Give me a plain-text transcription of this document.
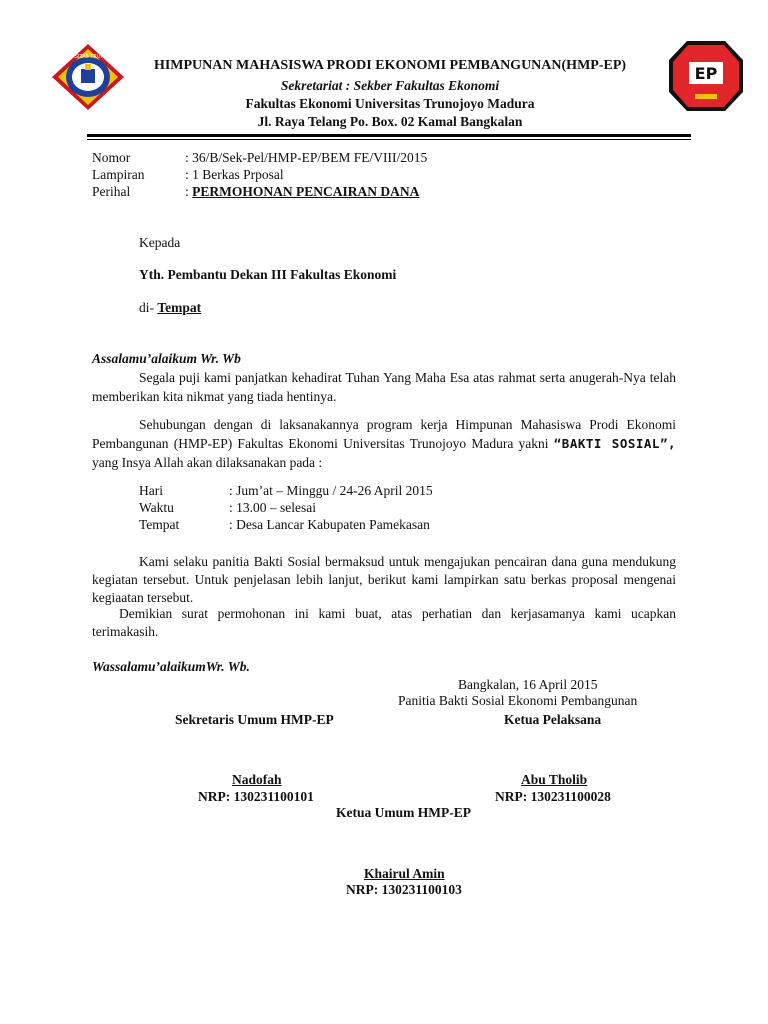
UNIVERSITAS TRUNOJOYO
EP
HIMPUNAN MAHASISWA PRODI EKONOMI PEMBANGUNAN(HMP-EP)
Sekretariat : Sekber Fakultas Ekonomi
Fakultas Ekonomi Universitas Trunojoyo Madura
Jl. Raya Telang Po. Box. 02 Kamal Bangkalan
Nomor	: 36/B/Sek-Pel/HMP-EP/BEM FE/VIII/2015
Lampiran	: 1 Berkas Prposal
Perihal	: PERMOHONAN PENCAIRAN DANA
Kepada
Yth. Pembantu Dekan III Fakultas Ekonomi
di- Tempat
Assalamu’alaikum Wr. Wb
Segala puji kami panjatkan kehadirat Tuhan Yang Maha Esa atas rahmat serta anugerah-Nya telah memberikan kita nikmat yang tiada hentinya.
Sehubungan dengan di laksanakannya program kerja Himpunan Mahasiswa Prodi Ekonomi Pembangunan (HMP-EP) Fakultas Ekonomi Universitas Trunojoyo Madura yakni “BAKTI SOSIAL”, yang Insya Allah akan dilaksanakan pada :
Hari	: Jum’at – Minggu / 24-26 April 2015
Waktu	: 13.00 – selesai
Tempat	: Desa Lancar Kabupaten Pamekasan
Kami selaku panitia Bakti Sosial bermaksud untuk mengajukan pencairan dana guna mendukung kegiatan tersebut. Untuk penjelasan lebih lanjut, berikut kami lampirkan satu berkas proposal mengenai kegiaatan tersebut.
Demikian surat permohonan ini kami buat, atas perhatian dan kerjasamanya kami ucapkan terimakasih.
Wassalamu’alaikumWr. Wb.
Bangkalan, 16 April 2015
Panitia Bakti Sosial Ekonomi Pembangunan
Sekretaris Umum HMP-EP	Ketua Pelaksana
Nadofah	Abu Tholib
NRP: 130231100101	NRP: 130231100028
Ketua Umum HMP-EP
Khairul Amin
NRP: 130231100103
